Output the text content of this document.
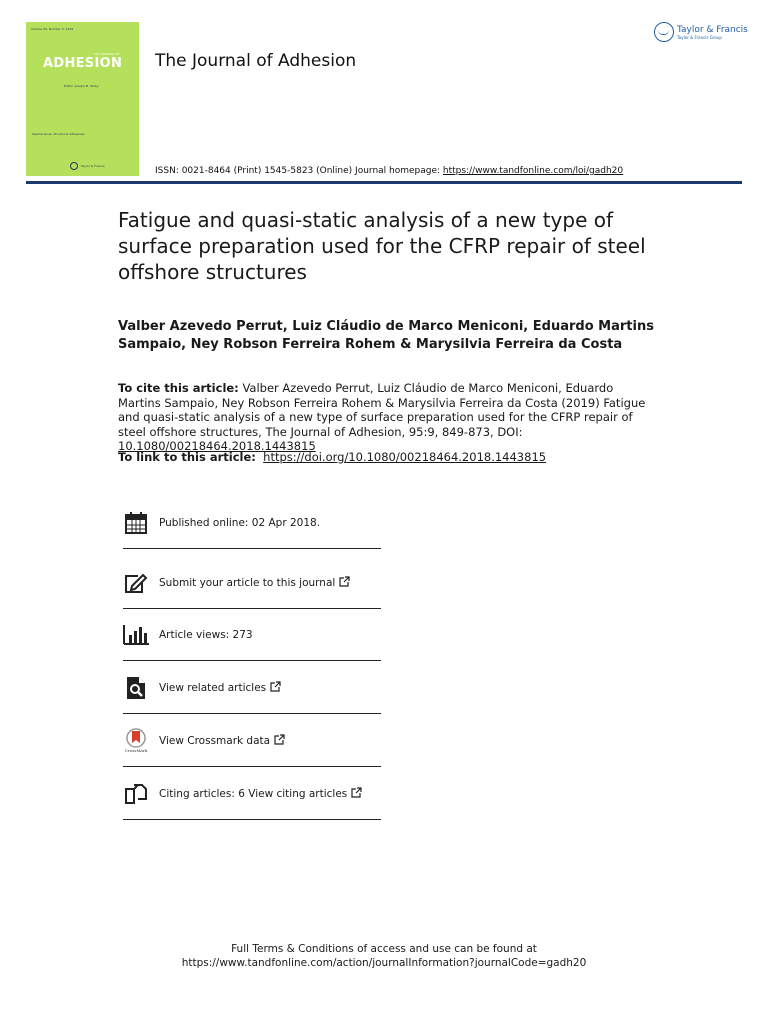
Volume 95, Number 9, 2019
THE JOURNAL OF
ADHESION
Editor: Joseph M. Wiley
Special Issue: Structural Adhesives
Taylor & Francis
The Journal of Adhesion
Taylor & Francis
Taylor & Francis Group
ISSN: 0021-8464 (Print) 1545-5823 (Online) Journal homepage: https://www.tandfonline.com/loi/gadh20
Fatigue and quasi-static analysis of a new type of surface preparation used for the CFRP repair of steel offshore structures
Valber Azevedo Perrut, Luiz Cláudio de Marco Meniconi, Eduardo Martins Sampaio, Ney Robson Ferreira Rohem & Marysilvia Ferreira da Costa
To cite this article: Valber Azevedo Perrut, Luiz Cláudio de Marco Meniconi, Eduardo Martins Sampaio, Ney Robson Ferreira Rohem & Marysilvia Ferreira da Costa (2019) Fatigue and quasi-static analysis of a new type of surface preparation used for the CFRP repair of steel offshore structures, The Journal of Adhesion, 95:9, 849-873, DOI: 10.1080/00218464.2018.1443815
To link to this article: https://doi.org/10.1080/00218464.2018.1443815
Published online: 02 Apr 2018.
Submit your article to this journal
Article views: 273
View related articles
CrossMark
View Crossmark data
Citing articles: 6 View citing articles
Full Terms & Conditions of access and use can be found at
https://www.tandfonline.com/action/journalInformation?journalCode=gadh20
